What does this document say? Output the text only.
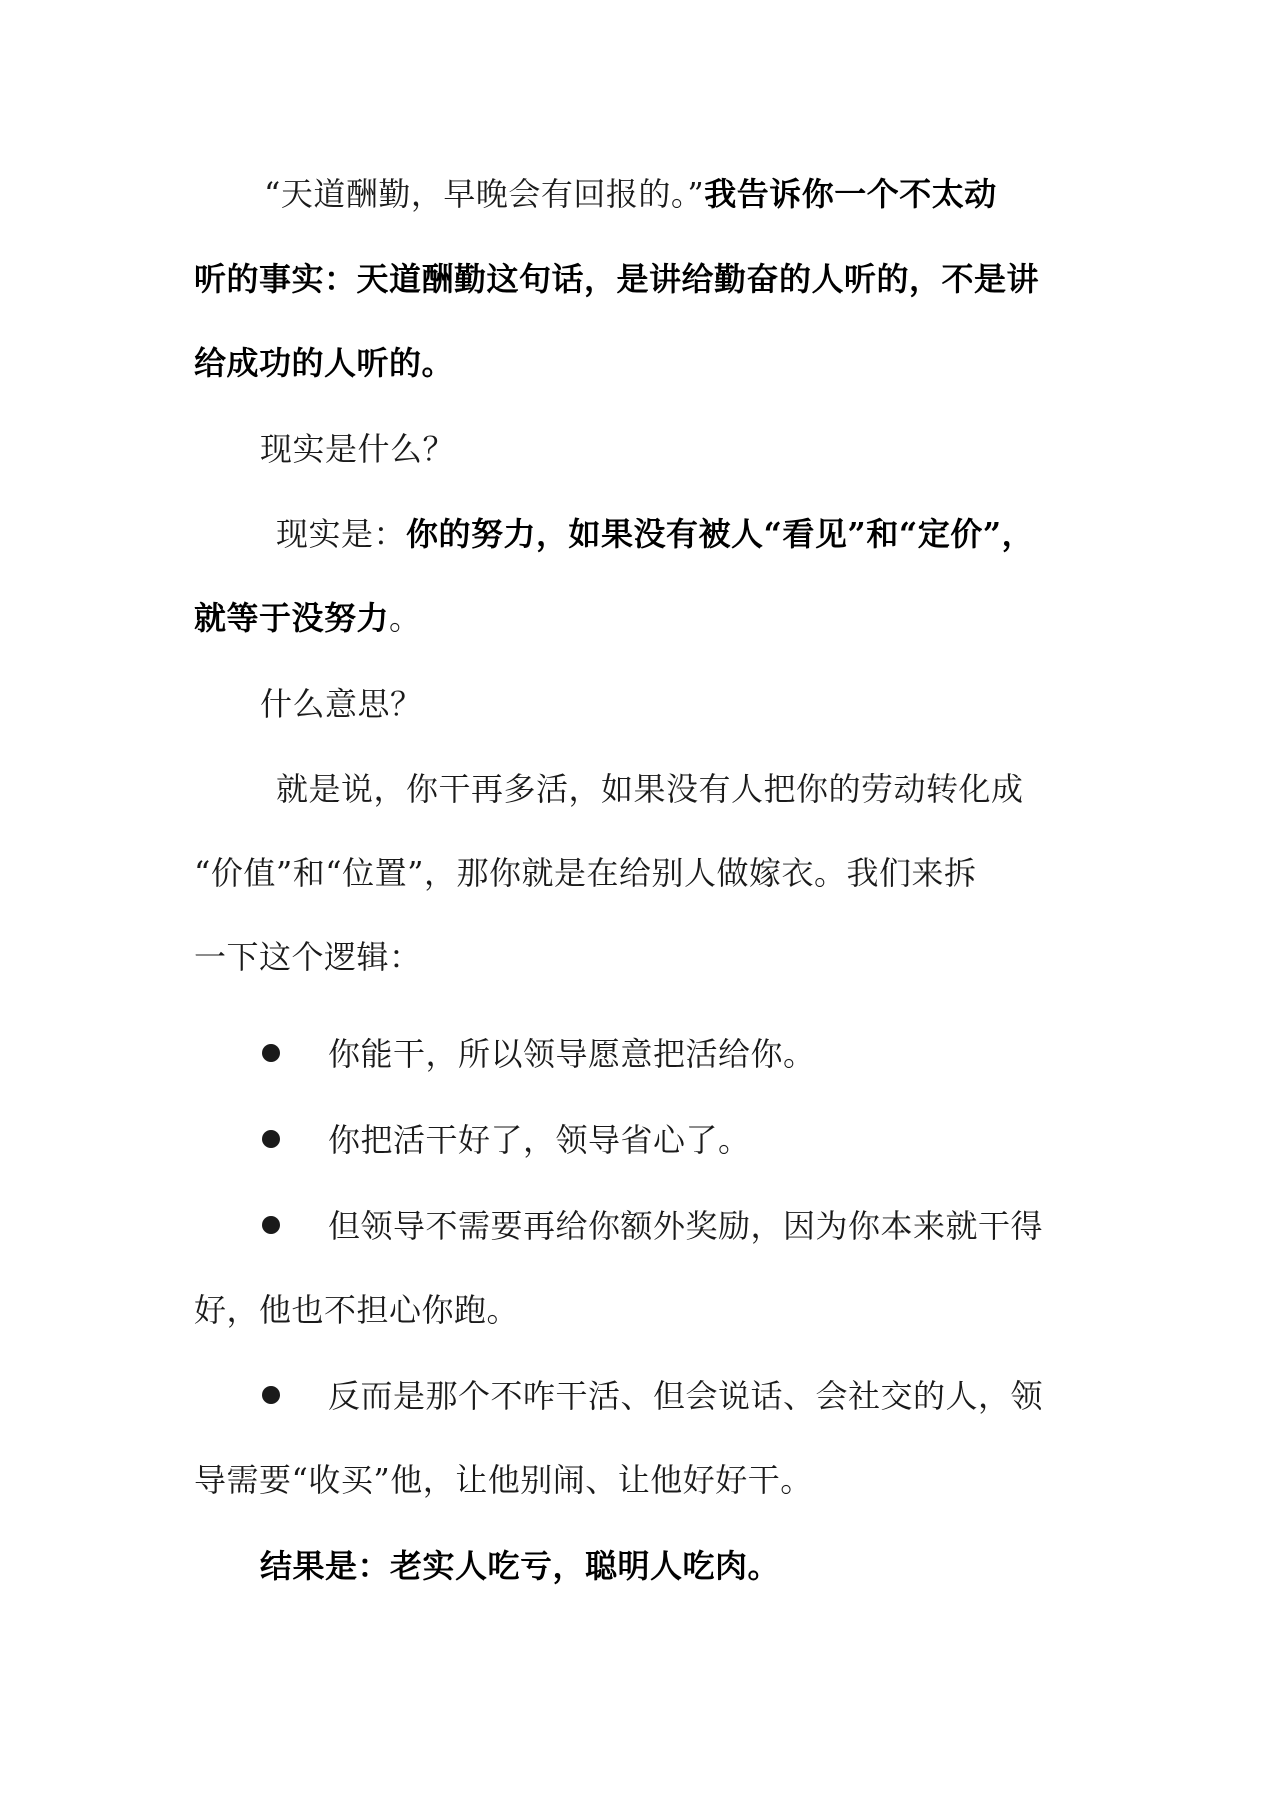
“天道酬勤，早晚会有回报的。”我告诉你一个不太动
听的事实：天道酬勤这句话，是讲给勤奋的人听的，不是讲
给成功的人听的。
现实是什么？
现实是：你的努力，如果没有被人“看见”和“定价”，
就等于没努力。
什么意思？
就是说，你干再多活，如果没有人把你的劳动转化成
“价值”和“位置”，那你就是在给别人做嫁衣。我们来拆
一下这个逻辑：
你能干，所以领导愿意把活给你。
你把活干好了，领导省心了。
但领导不需要再给你额外奖励，因为你本来就干得
好，他也不担心你跑。
反而是那个不咋干活、但会说话、会社交的人，领
导需要“收买”他，让他别闹、让他好好干。
结果是：老实人吃亏，聪明人吃肉。
